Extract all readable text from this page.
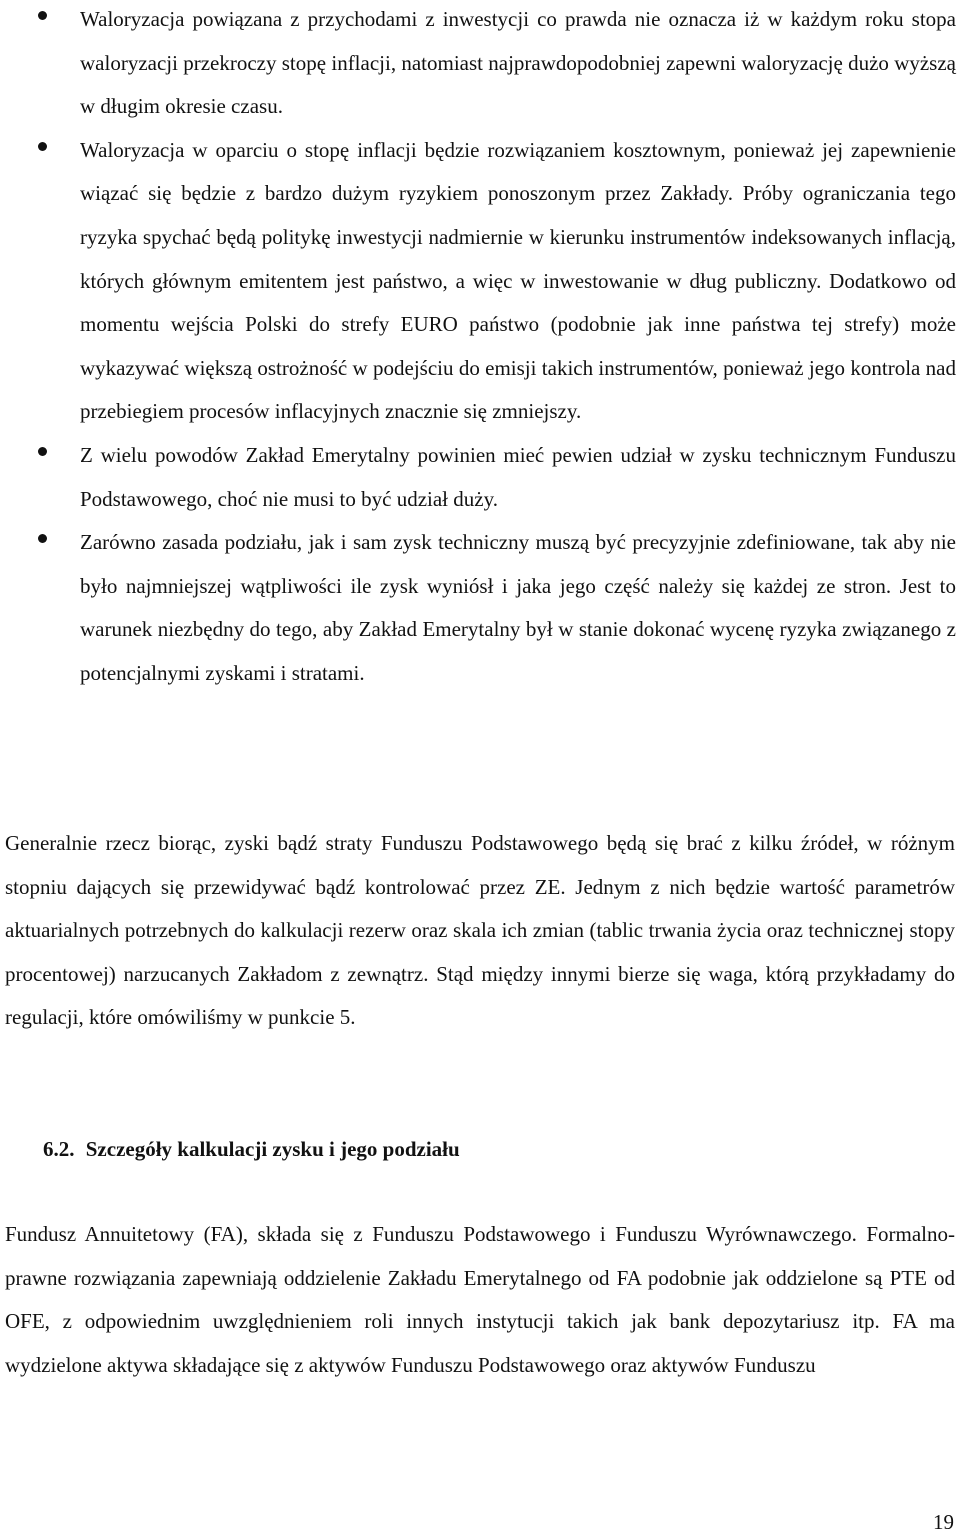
Waloryzacja powiązana z przychodami z inwestycji co prawda nie oznacza iż w każdym roku stopa waloryzacji przekroczy stopę inflacji, natomiast najprawdopodobniej zapewni waloryzację dużo wyższą w długim okresie czasu.

Waloryzacja w oparciu o stopę inflacji będzie rozwiązaniem kosztownym, ponieważ jej zapewnienie wiązać się będzie z bardzo dużym ryzykiem ponoszonym przez Zakłady. Próby ograniczania tego ryzyka spychać będą politykę inwestycji nadmiernie w kierunku instrumentów indeksowanych inflacją, których głównym emitentem jest państwo, a więc w inwestowanie w dług publiczny. Dodatkowo od momentu wejścia Polski do strefy EURO państwo (podobnie jak inne państwa tej strefy) może wykazywać większą ostrożność w podejściu do emisji takich instrumentów, ponieważ jego kontrola nad przebiegiem procesów inflacyjnych znacznie się zmniejszy.

Z wielu powodów Zakład Emerytalny powinien mieć pewien udział w zysku technicznym Funduszu Podstawowego, choć nie musi to być udział duży.

Zarówno zasada podziału, jak i sam zysk techniczny muszą być precyzyjnie zdefiniowane, tak aby nie było najmniejszej wątpliwości ile zysk wyniósł i jaka jego część należy się każdej ze stron. Jest to warunek niezbędny do tego, aby Zakład Emerytalny był w stanie dokonać wycenę ryzyka związanego z potencjalnymi zyskami i stratami.

Generalnie rzecz biorąc, zyski bądź straty Funduszu Podstawowego będą się brać z kilku źródeł, w różnym stopniu dających się przewidywać bądź kontrolować przez ZE. Jednym z nich będzie wartość parametrów aktuarialnych potrzebnych do kalkulacji rezerw oraz skala ich zmian (tablic trwania życia oraz technicznej stopy procentowej) narzucanych Zakładom z zewnątrz. Stąd między innymi bierze się waga, którą przykładamy do regulacji, które omówiliśmy w punkcie 5.

6.2. Szczegóły kalkulacji zysku i jego podziału

Fundusz Annuitetowy (FA), składa się z Funduszu Podstawowego i Funduszu Wyrównawczego. Formalno-prawne rozwiązania zapewniają oddzielenie Zakładu Emerytalnego od FA podobnie jak oddzielone są PTE od OFE, z odpowiednim uwzględnieniem roli innych instytucji takich jak bank depozytariusz itp. FA ma wydzielone aktywa składające się z aktywów Funduszu Podstawowego oraz aktywów Funduszu

19
